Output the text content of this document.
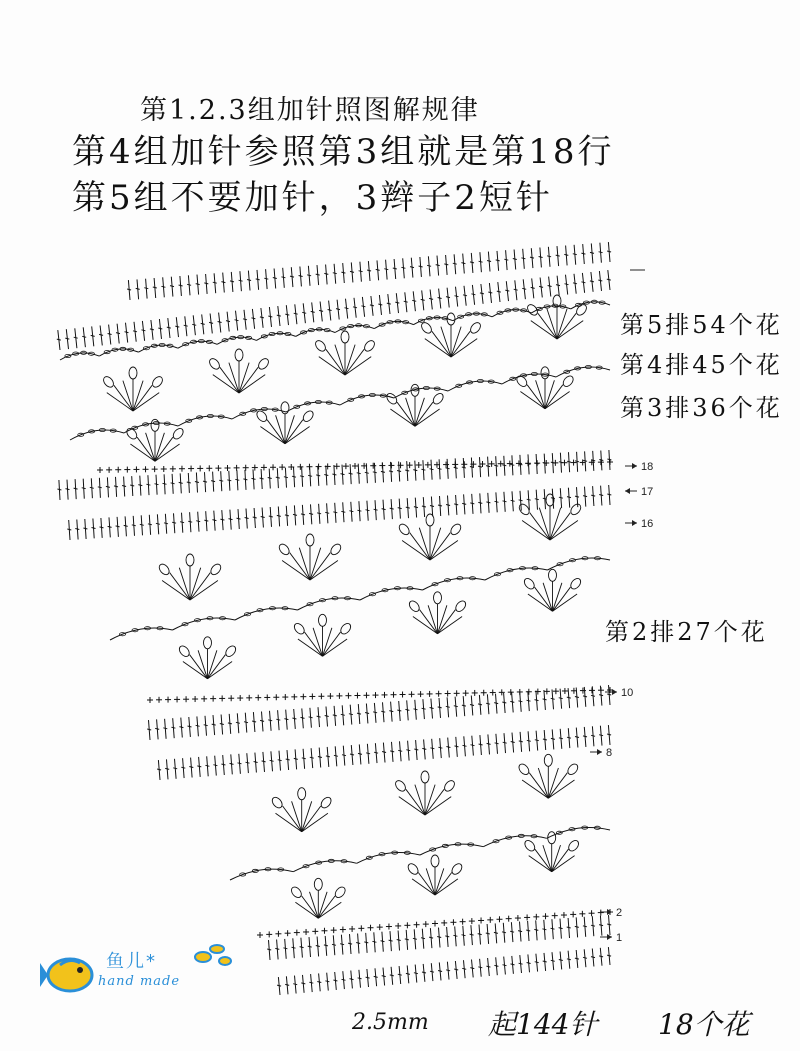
第1.2.3组加针照图解规律
第4组加针参照第3组就是第18行
第5组不要加针，3辫子2短针
18
17
16
10
8
2
1
第5排54个花
第4排45个花
第3排36个花
第2排27个花
鱼儿*
hand made
2.5mm 起144针 18个花
